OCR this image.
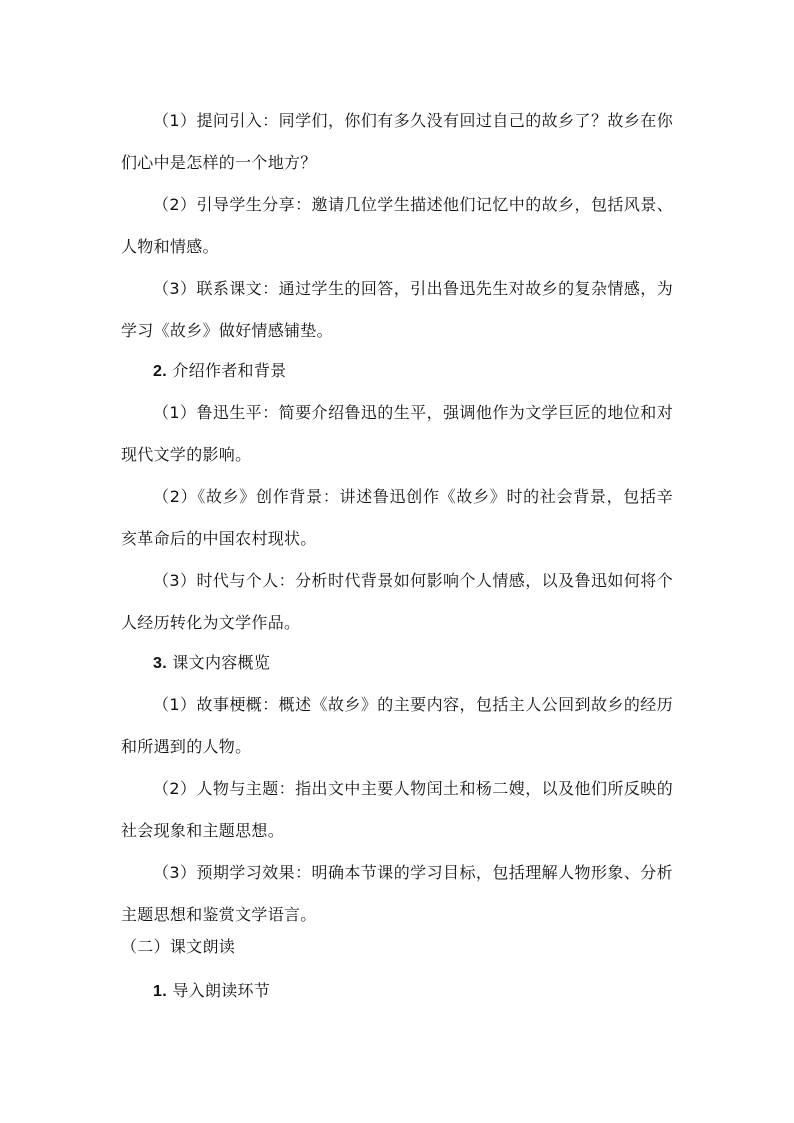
（1）提问引入：同学们，你们有多久没有回过自己的故乡了？故乡在你们心中是怎样的一个地方？
（2）引导学生分享：邀请几位学生描述他们记忆中的故乡，包括风景、人物和情感。
（3）联系课文：通过学生的回答，引出鲁迅先生对故乡的复杂情感，为学习《故乡》做好情感铺垫。
2. 介绍作者和背景
（1）鲁迅生平：简要介绍鲁迅的生平，强调他作为文学巨匠的地位和对现代文学的影响。
（2）《故乡》创作背景：讲述鲁迅创作《故乡》时的社会背景，包括辛亥革命后的中国农村现状。
（3）时代与个人：分析时代背景如何影响个人情感，以及鲁迅如何将个人经历转化为文学作品。
3. 课文内容概览
（1）故事梗概：概述《故乡》的主要内容，包括主人公回到故乡的经历和所遇到的人物。
（2）人物与主题：指出文中主要人物闰土和杨二嫂，以及他们所反映的社会现象和主题思想。
（3）预期学习效果：明确本节课的学习目标，包括理解人物形象、分析主题思想和鉴赏文学语言。
（二）课文朗读
1. 导入朗读环节
